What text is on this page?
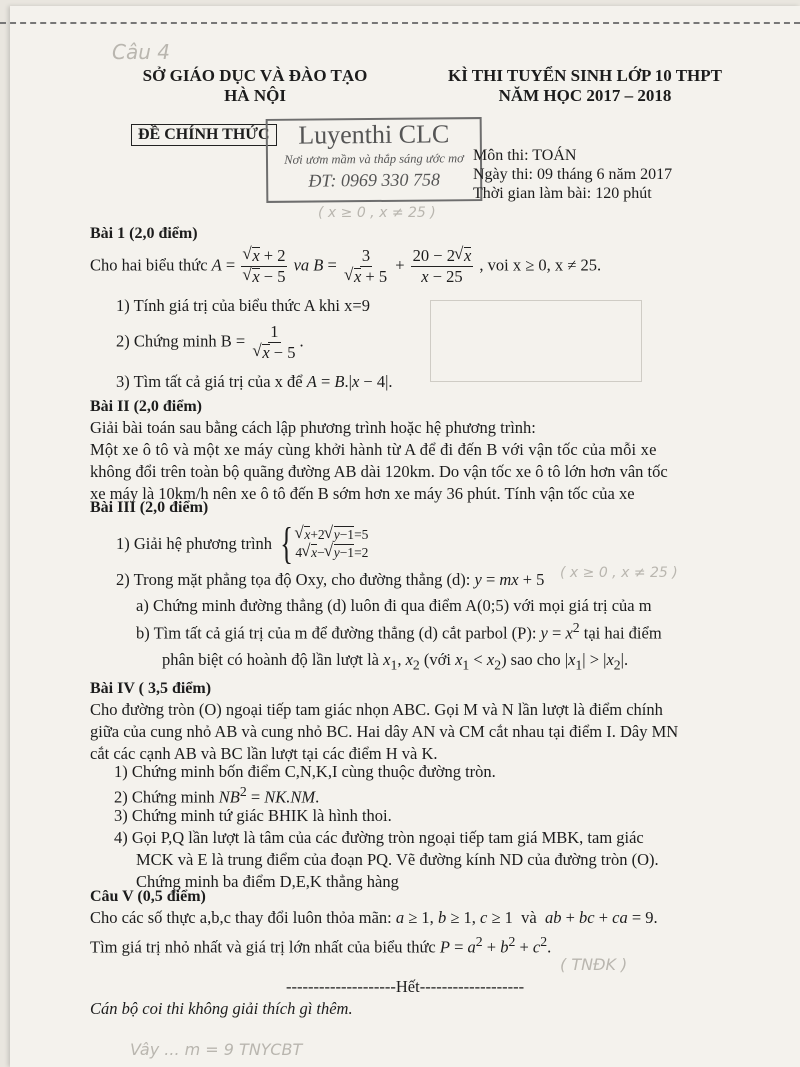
Câu 4
( x ≥ 0 , x ≠ 25 )
( x ≥ 0 , x ≠ 25 )
( TNĐK )
Vây ... m = 9 TNYCBT
SỞ GIÁO DỤC VÀ ĐÀO TẠO
HÀ NỘI
KÌ THI TUYỂN SINH LỚP 10 THPT
NĂM HỌC 2017 – 2018
ĐỀ CHÍNH THỨC	Luyenthi CLC
Nơi ươm mầm và thắp sáng ước mơ
ĐT: 0969 330 758
Môn thi: TOÁN
Ngày thi: 09 tháng 6 năm 2017
Thời gian làm bài: 120 phút
Bài 1 (2,0 điểm)
Cho hai biểu thức A = √ x + 2
√ x − 5 va B = 3
√ $x + 5 + \frac{20 - 2 √ x}{x - 25}$ , voi x ≥ 0, x ≠ 25.
1) Tính giá trị của biểu thức A khi x=9
2) Chứng minh B = 1
√ x − 5 .
3) Tìm tất cả giá trị của x để A = B.|x − 4|.
Bài II (2,0 điểm)
Giải bài toán sau bằng cách lập phương trình hoặc hệ phương trình:
Một xe ô tô và một xe máy cùng khởi hành từ A để đi đến B với vận tốc của mỗi xe
không đổi trên toàn bộ quãng đường AB dài 120km. Do vận tốc xe ô tô lớn hơn vân tốc
xe máy là 10km/h nên xe ô tô đến B sớm hơn xe máy 36 phút. Tính vận tốc của xe
Bài III (2,0 điểm)
1) Giải hệ phương trình { √ x+2 √ y−1=5
4 √ x− √ y−1=2
2) Trong mặt phẳng tọa độ Oxy, cho đường thẳng (d): y = mx + 5
a) Chứng minh đường thẳng (d) luôn đi qua điểm A(0;5) với mọi giá trị của m
b) Tìm tất cả giá trị của m để đường thẳng (d) cắt parbol (P): $y = x^2$ tại hai điểm
phân biệt có hoành độ lần lượt là $x_1$, $x_2$ (với $x_1 < x_2$) sao cho $|x_1| > |x_2|$.
Bài IV ( 3,5 điểm)
Cho đường tròn (O) ngoại tiếp tam giác nhọn ABC. Gọi M và N lần lượt là điểm chính
giữa của cung nhỏ AB và cung nhỏ BC. Hai dây AN và CM cắt nhau tại điểm I. Dây MN
cắt các cạnh AB và BC lần lượt tại các điểm H và K.
1) Chứng minh bốn điểm C,N,K,I cùng thuộc đường tròn.
2) Chứng minh $NB^2 = NK.NM$.
3) Chứng minh tứ giác BHIK là hình thoi.
4) Gọi P,Q lần lượt là tâm của các đường tròn ngoại tiếp tam giá MBK, tam giác
MCK và E là trung điểm của đoạn PQ. Vẽ đường kính ND của đường tròn (O).
Chứng minh ba điểm D,E,K thẳng hàng
Câu V (0,5 điểm)
Cho các số thực a,b,c thay đổi luôn thỏa mãn: a ≥ 1, b ≥ 1, c ≥ 1  và  ab + bc + ca = 9.
Tìm giá trị nhỏ nhất và giá trị lớn nhất của biểu thức $P = a^2 + b^2 + c^2$.
--------------------Hết-------------------
Cán bộ coi thi không giải thích gì thêm.
